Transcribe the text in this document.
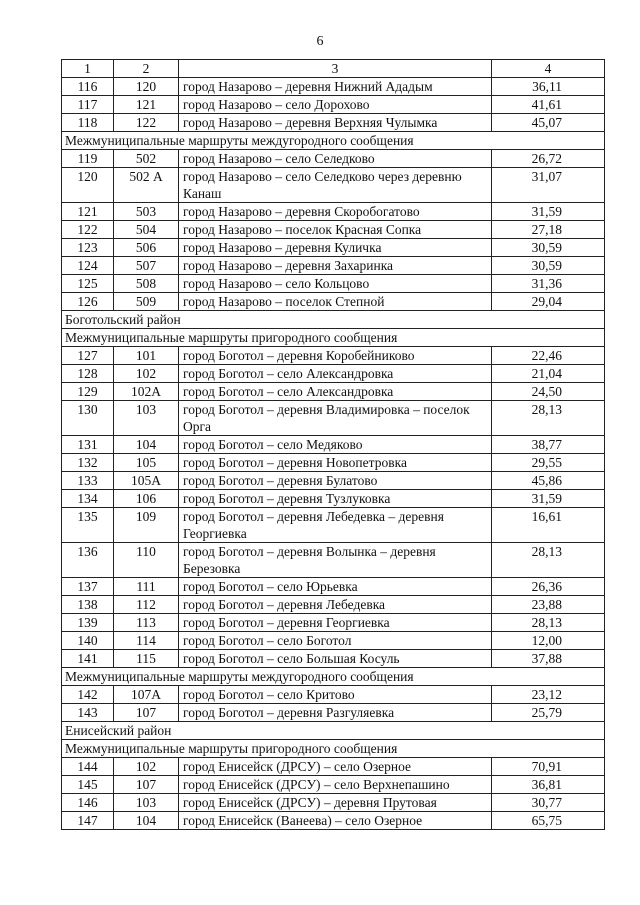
6
1	2	3	4
116	120	город Назарово – деревня Нижний Ададым	36,11
117	121	город Назарово – село Дорохово	41,61
118	122	город Назарово – деревня Верхняя Чулымка	45,07
Межмуниципальные маршруты междугородного сообщения			
119	502	город Назарово – село Селедково	26,72
120	502 А	город Назарово – село Селедково через деревню Канаш	31,07
121	503	город Назарово – деревня Скоробогатово	31,59
122	504	город Назарово – поселок Красная Сопка	27,18
123	506	город Назарово – деревня Куличка	30,59
124	507	город Назарово – деревня Захаринка	30,59
125	508	город Назарово – село Кольцово	31,36
126	509	город Назарово – поселок Степной	29,04
Боготольский район			
Межмуниципальные маршруты пригородного сообщения			
127	101	город Боготол – деревня Коробейниково	22,46
128	102	город Боготол – село Александровка	21,04
129	102А	город Боготол – село Александровка	24,50
130	103	город Боготол – деревня Владимировка – поселок Орга	28,13
131	104	город Боготол – село Медяково	38,77
132	105	город Боготол – деревня Новопетровка	29,55
133	105А	город Боготол – деревня Булатово	45,86
134	106	город Боготол – деревня Тузлуковка	31,59
135	109	город Боготол – деревня Лебедевка – деревня Георгиевка	16,61
136	110	город Боготол – деревня Волынка – деревня Березовка	28,13
137	111	город Боготол – село Юрьевка	26,36
138	112	город Боготол – деревня Лебедевка	23,88
139	113	город Боготол – деревня Георгиевка	28,13
140	114	город Боготол – село Боготол	12,00
141	115	город Боготол – село Большая Косуль	37,88
Межмуниципальные маршруты междугородного сообщения			
142	107А	город Боготол – село Критово	23,12
143	107	город Боготол – деревня Разгуляевка	25,79
Енисейский район			
Межмуниципальные маршруты пригородного сообщения			
144	102	город Енисейск (ДРСУ) – село Озерное	70,91
145	107	город Енисейск (ДРСУ) – село Верхнепашино	36,81
146	103	город Енисейск (ДРСУ) – деревня Прутовая	30,77
147	104	город Енисейск (Ванеева) – село Озерное	65,75
